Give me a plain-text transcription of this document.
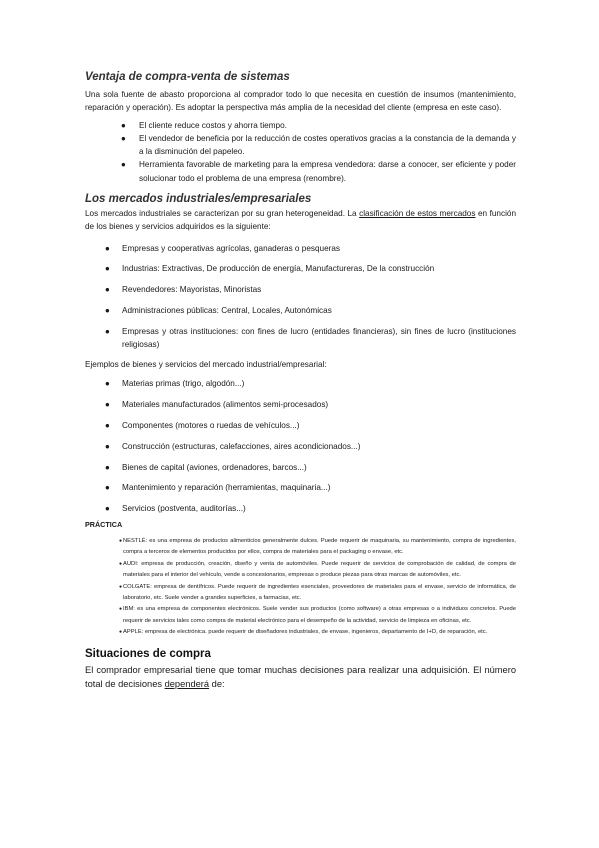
Ventaja de compra-venta de sistemas

Una sola fuente de abasto proporciona al comprador todo lo que necesita en cuestión de insumos (mantenimiento, reparación y operación). Es adoptar la perspectiva más amplia de la necesidad del cliente (empresa en este caso).

● El cliente reduce costos y ahorra tiempo.
● El vendedor de beneficia por la reducción de costes operativos gracias a la constancia de la demanda y a la disminución del papeleo.
● Herramienta favorable de marketing para la empresa vendedora: darse a conocer, ser eficiente y poder solucionar todo el problema de una empresa (renombre).
Los mercados industriales/empresariales

Los mercados industriales se caracterizan por su gran heterogeneidad. La clasificación de estos mercados en función de los bienes y servicios adquiridos es la siguiente:

● Empresas y cooperativas agrícolas, ganaderas o pesqueras
● Industrias: Extractivas, De producción de energía, Manufactureras, De la construcción
● Revendedores: Mayoristas, Minoristas
● Administraciones públicas: Central, Locales, Autonómicas
● Empresas y otras instituciones: con fines de lucro (entidades financieras), sin fines de lucro (instituciones religiosas)

Ejemplos de bienes y servicios del mercado industrial/empresarial:

● Materias primas (trigo, algodón...)
● Materiales manufacturados (alimentos semi-procesados)
● Componentes (motores o ruedas de vehículos...)
● Construcción (estructuras, calefacciones, aires acondicionados...)
● Bienes de capital (aviones, ordenadores, barcos...)
● Mantenimiento y reparación (herramientas, maquinaria...)
● Servicios (postventa, auditorías...)

PRÁCTICA

● NESTLÉ: es una empresa de productos alimenticios generalmente dulces. Puede requerir de maquinaria, su mantenimiento, compra de ingredientes, compra a terceros de elementos producidos por ellos, compra de materiales para el packaging o envase, etc.
● AUDI: empresa de producción, creación, diseño y venta de automóviles. Puede requerir de servicios de comprobación de calidad, de compra de materiales para el interior del vehículo, vende a concesionarios, empresas o produce piezas para otras marcas de automóviles, etc.
● COLGATE: empresa de dentífricos. Puede requerir de ingredientes esenciales, proveedores de materiales para el envase, servicio de informática, de laboratorio, etc. Suele vender a grandes superficies, a farmacias, etc.
● IBM: es una empresa de componentes electrónicos. Suele vender sus productos (como software) a otras empresas o a individuos concretos. Puede requerir de servicios tales como compra de material electrónico para el desempeño de la actividad, servicio de limpieza en oficinas, etc.
● APPLE: empresa de electrónica. puede requerir de diseñadores industriales, de envase, ingenieros, departamento de I+D, de reparación, etc.
Situaciones de compra

El comprador empresarial tiene que tomar muchas decisiones para realizar una adquisición. El número total de decisiones dependerá de:
